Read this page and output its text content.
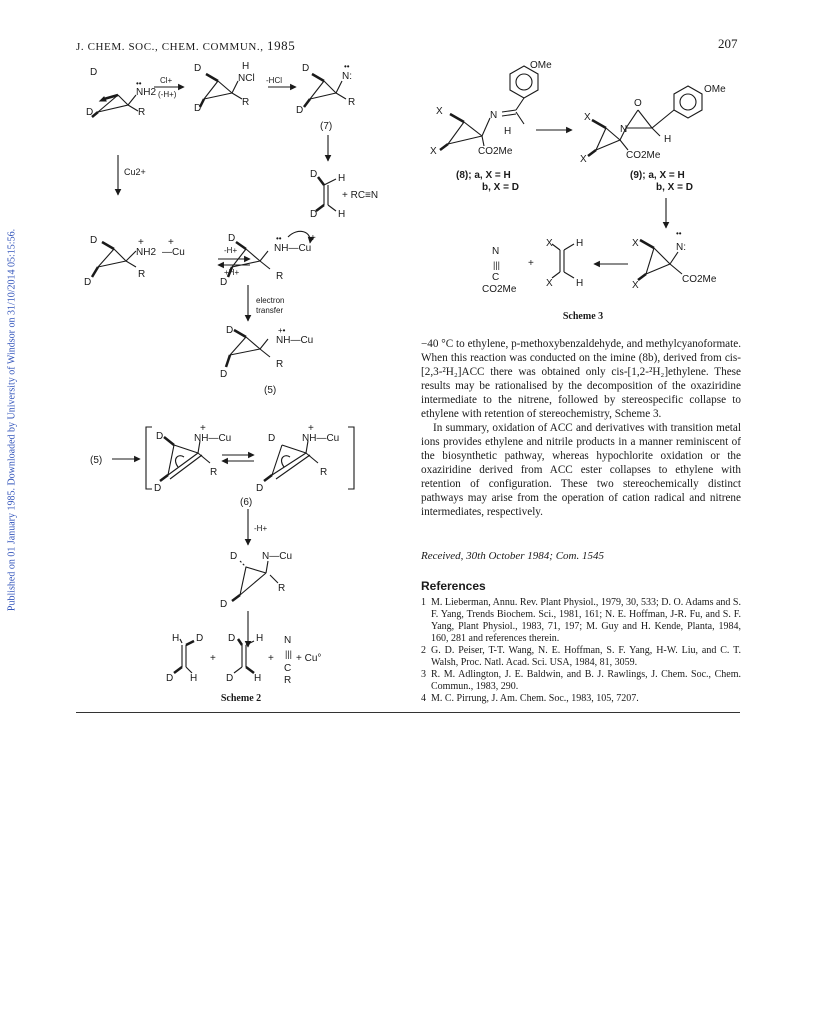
J. CHEM. SOC., CHEM. COMMUN., 1985	207
Published on 01 January 1985. Downloaded by University of Windsor on 31/10/2014 05:15:56.
D
D
••
NH2
R
Cl+
(-H+)
D
D
H
NCl
R
-HCl
D
D
••
N:
R
(7)
D H
D H
+ RC≡N
Cu2+
D
D
+ +
NH2 —Cu
R
-H+
+H+
D
D
••	+
NH—Cu
R
electron
transfer
D
D
+•
NH—Cu
R
(5)
(5)
D
D
+
NH—Cu
R
D
D
+
NH—Cu
R
(6)
-H+
D
D
N—Cu
R
H D
D H
+
D H
D H
+
N
|||
C
R
+ Cu°
Scheme 2
OMe
X
X
N
H
CO2Me
(8); a, X = H
b, X = D
OMe
O
N
H
X
X	CO2Me
(9); a, X = H
b, X = D
X
X
••
N:
CO2Me
X H
X H
+
N
|||
C
CO2Me
Scheme 3

−40 °C to ethylene, p-methoxybenzaldehyde, and methylcyanoformate. When this reaction was conducted on the imine (8b), derived from cis-[2,3-²H₂]ACC there was obtained only cis-[1,2-²H₂]ethylene. These results may be rationalised by the decomposition of the oxaziridine intermediate to the nitrene, followed by stereospecific collapse to ethylene with retention of stereochemistry, Scheme 3.

In summary, oxidation of ACC and derivatives with transition metal ions provides ethylene and nitrile products in a manner reminiscent of the biosynthetic pathway, whereas hypochlorite oxidation or the oxaziridine derived from ACC ester collapses to ethylene with retention of configuration. These two stereochemically distinct pathways may arise from the operation of cation radical and nitrene intermediates, respectively.

Received, 30th October 1984; Com. 1545
References
1 M. Lieberman, Annu. Rev. Plant Physiol., 1979, 30, 533; D. O. Adams and S. F. Yang, Trends Biochem. Sci., 1981, 161; N. E. Hoffman, J-R. Fu, and S. F. Yang, Plant Physiol., 1983, 71, 197; M. Guy and H. Kende, Planta, 1984, 160, 281 and references therein.
2 G. D. Peiser, T-T. Wang, N. E. Hoffman, S. F. Yang, H-W. Liu, and C. T. Walsh, Proc. Natl. Acad. Sci. USA, 1984, 81, 3059.
3 R. M. Adlington, J. E. Baldwin, and B. J. Rawlings, J. Chem. Soc., Chem. Commun., 1983, 290.
4 M. C. Pirrung, J. Am. Chem. Soc., 1983, 105, 7207.
